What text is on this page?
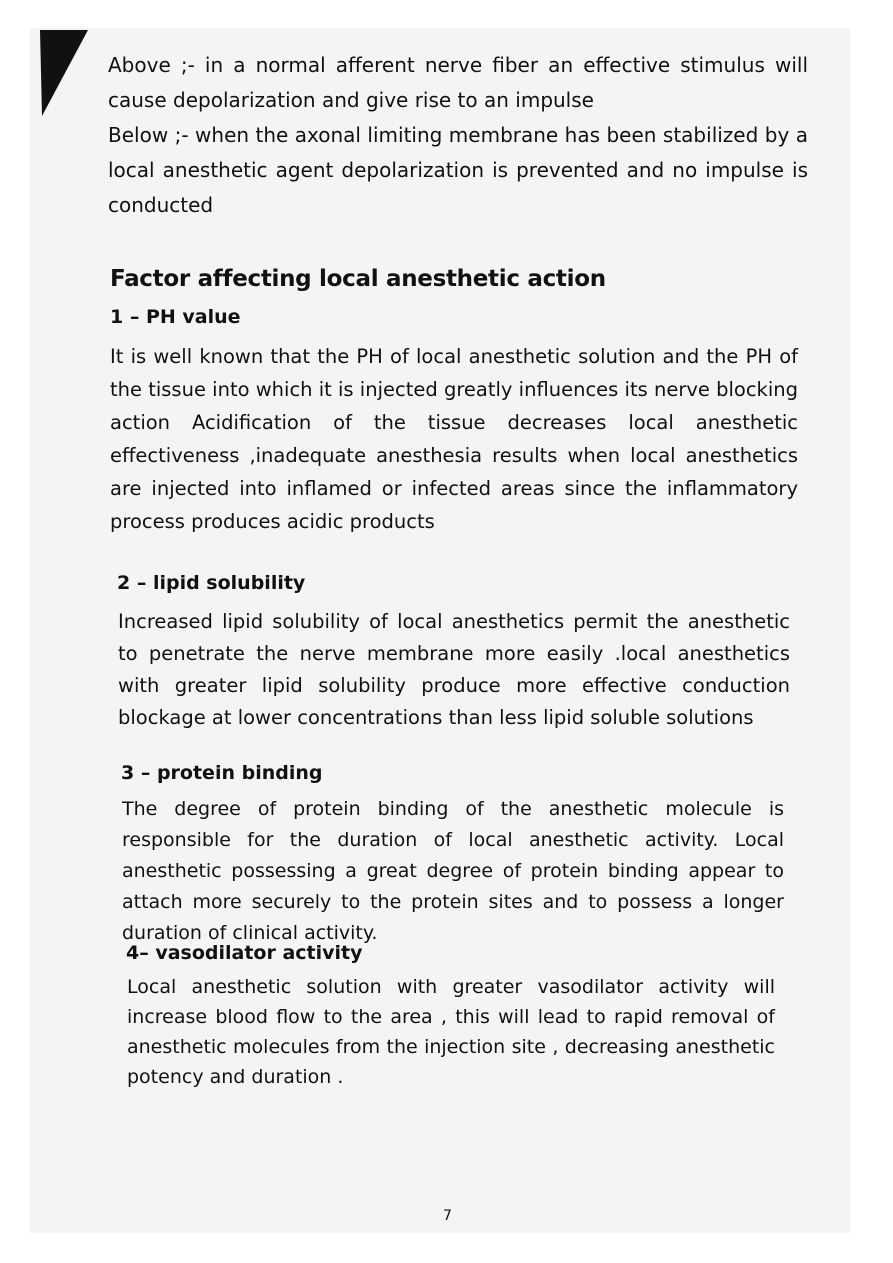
Above ;- in a normal afferent nerve fiber an effective stimulus will cause depolarization and give rise to an impulse

Below ;- when the axonal limiting membrane has been stabilized by a local anesthetic agent depolarization is prevented and no impulse is conducted

Factor affecting local anesthetic action
1 – PH value

It is well known that the PH of local anesthetic solution and the PH of the tissue into which it is injected greatly influences its nerve blocking action Acidification of the tissue decreases local anesthetic effectiveness ,inadequate anesthesia results when local anesthetics are injected into inflamed or infected areas since the inflammatory process produces acidic products

2 – lipid solubility

Increased lipid solubility of local anesthetics permit the anesthetic to penetrate the nerve membrane more easily .local anesthetics with greater lipid solubility produce more effective conduction blockage at lower concentrations than less lipid soluble solutions

3 – protein binding

The degree of protein binding of the anesthetic molecule is responsible for the duration of local anesthetic activity. Local anesthetic possessing a great degree of protein binding appear to attach more securely to the protein sites and to possess a longer duration of clinical activity.

4– vasodilator activity

Local anesthetic solution with greater vasodilator activity will increase blood flow to the area , this will lead to rapid removal of anesthetic molecules from the injection site , decreasing anesthetic potency and duration .

7
